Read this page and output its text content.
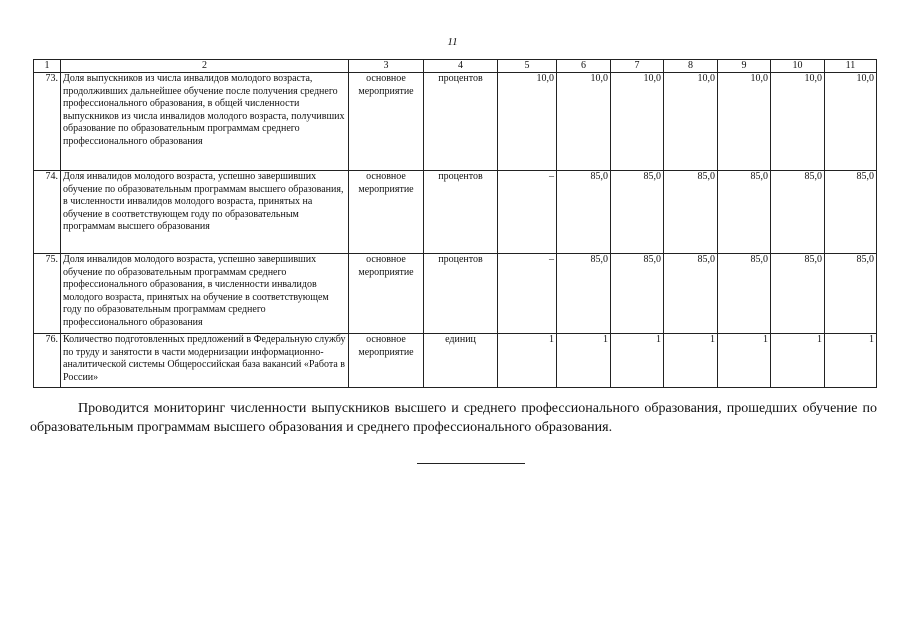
11
1	2	3	4	5	6	7	8	9	10	11
73.	Доля выпускников из числа инвалидов молодого возраста, продолживших дальнейшее обучение после получения среднего профессионального образования, в общей численности выпускников из числа инвалидов молодого возраста, получивших образование по образовательным программам среднего профессионального образования	основное мероприятие	процентов	10,0	10,0	10,0	10,0	10,0	10,0	10,0
74.	Доля инвалидов молодого возраста, успешно завершивших обучение по образовательным программам высшего образования, в численности инвалидов молодого возраста, принятых на обучение в соответствующем году по образовательным программам высшего образования	основное мероприятие	процентов	–	85,0	85,0	85,0	85,0	85,0	85,0
75.	Доля инвалидов молодого возраста, успешно завершивших обучение по образовательным программам среднего профессионального образования, в численности инвалидов молодого возраста, принятых на обучение в соответствующем году по образовательным программам среднего профессионального образования	основное мероприятие	процентов	–	85,0	85,0	85,0	85,0	85,0	85,0
76.	Количество подготовленных предложений в Федеральную службу по труду и занятости в части модернизации информационно-аналитической системы Общероссийская база вакансий «Работа в России»	основное мероприятие	единиц	1	1	1	1	1	1	1

Проводится мониторинг численности выпускников высшего и среднего профессионального образования, прошедших обучение по образовательным программам высшего образования и среднего профессионального образования.
